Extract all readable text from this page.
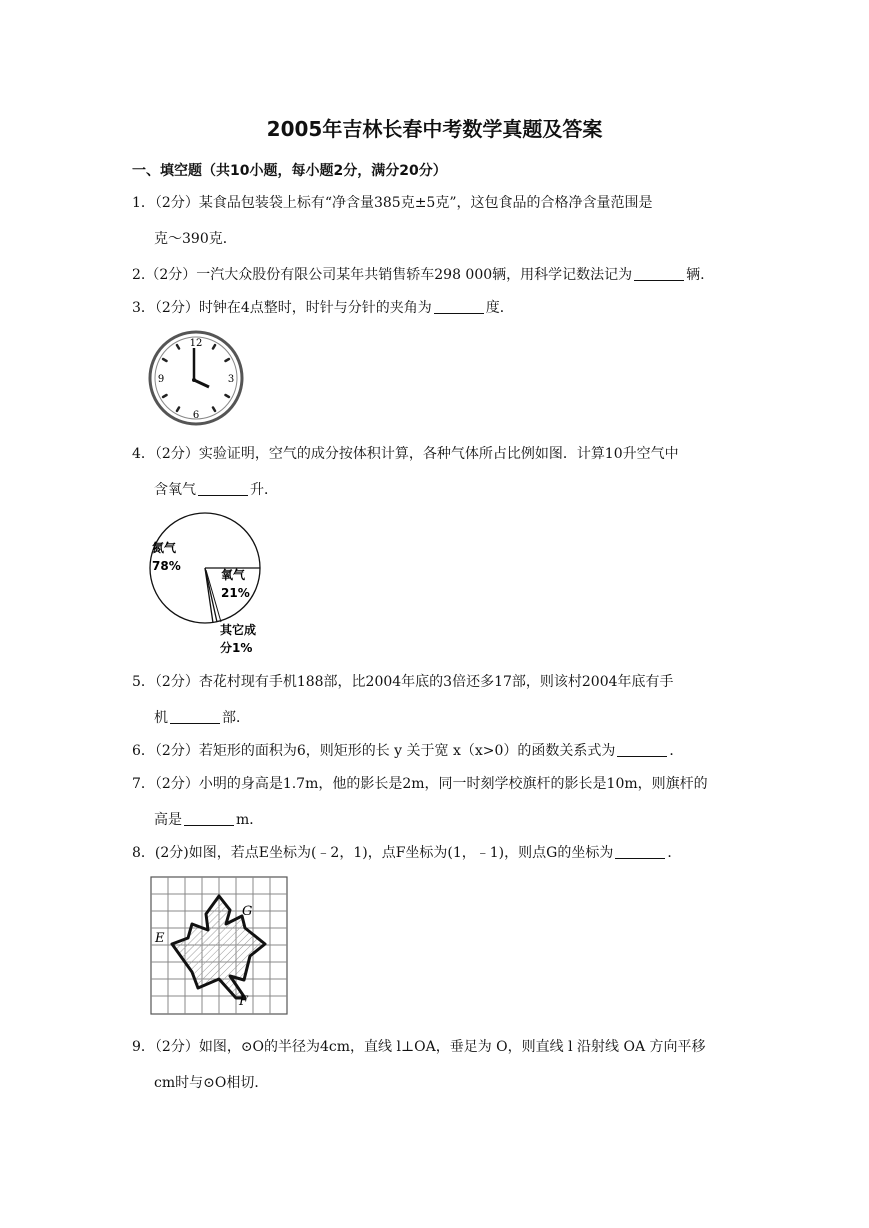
2005年吉林长春中考数学真题及答案
一、填空题（共10小题，每小题2分，满分20分）
1．（2分）某食品包装袋上标有“净含量385克±5克”，这包食品的合格净含量范围是
克～390克．
2.（2分）一汽大众股份有限公司某年共销售轿车298 000辆，用科学记数法记为	辆.
3．（2分）时钟在4点整时，时针与分针的夹角为	度．
12
3
6
9
4．（2分）实验证明，空气的成分按体积计算，各种气体所占比例如图．计算10升空气中
含氧气	升．
氮气
78%
氧气
21%
其它成
分1%
5．（2分）杏花村现有手机188部，比2004年底的3倍还多17部，则该村2004年底有手
机	部．
6．（2分）若矩形的面积为6，则矩形的长 y 关于宽 x（x>0）的函数关系式为	．
7．（2分）小明的身高是1.7m，他的影长是2m，同一时刻学校旗杆的影长是10m，则旗杆的
高是	m．
8．(2分)如图，若点E坐标为(﹣2，1)，点F坐标为(1，﹣1)，则点G的坐标为	．
G
E
F
9．（2分）如图，⊙O的半径为4cm，直线 l⊥OA，垂足为 O，则直线 l 沿射线 OA 方向平移
cm时与⊙O相切．
